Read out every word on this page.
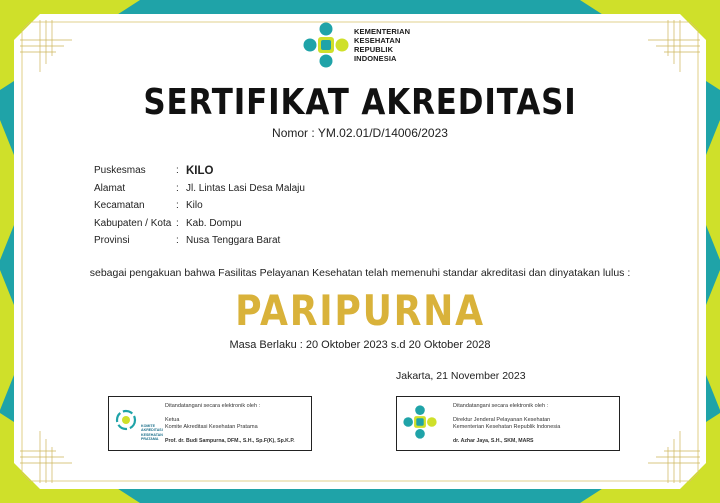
KEMENTERIAN
KESEHATAN
REPUBLIK
INDONESIA
SERTIFIKAT AKREDITASI
Nomor : YM.02.01/D/14006/2023
Puskesmas	: KILO
Alamat	: Jl. Lintas Lasi Desa Malaju
Kecamatan	: Kilo
Kabupaten / Kota : Kab. Dompu
Provinsi	: Nusa Tenggara Barat
sebagai pengakuan bahwa Fasilitas Pelayanan Kesehatan telah memenuhi standar akreditasi dan dinyatakan lulus :
PARIPURNA
Masa Berlaku : 20 Oktober 2023 s.d 20 Oktober 2028
Jakarta, 21 November 2023
KOMITE
AKREDITASI
KESEHATAN
PRATAMA
Ditandatangani secara elektronik oleh :
Ketua
Komite Akreditasi Kesehatan Pratama
Prof. dr. Budi Sampurna, DFM., S.H., Sp.F(K), Sp.K.P.
Ditandatangani secara elektronik oleh :
Direktur Jenderal Pelayanan Kesehatan
Kementerian Kesehatan Republik Indonesia
dr. Azhar Jaya, S.H., SKM, MARS
